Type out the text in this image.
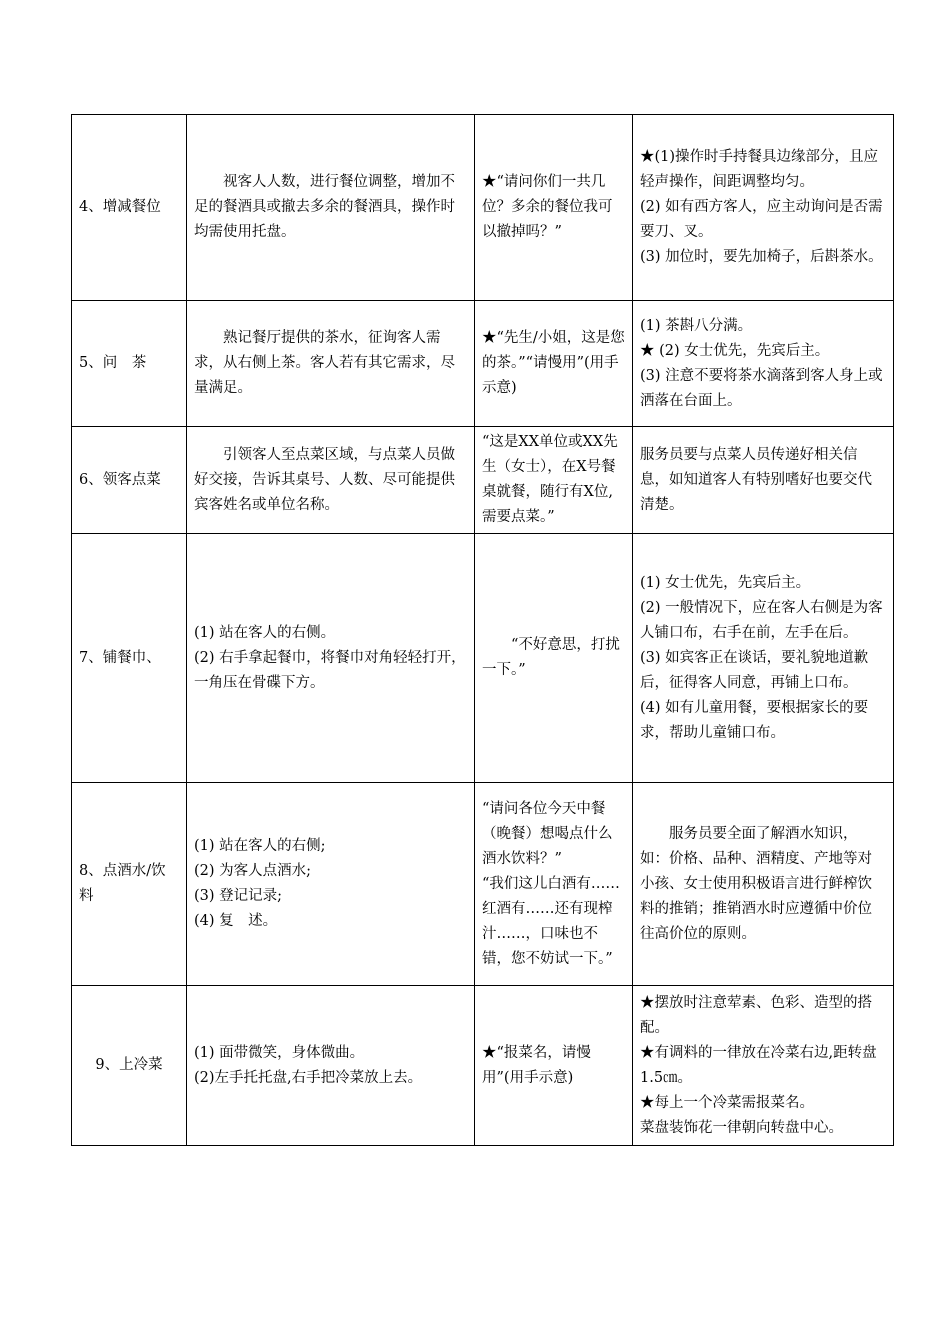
4、增减餐位	视客人人数，进行餐位调整，增加不足的餐酒具或撤去多余的餐酒具，操作时均需使用托盘。	★“请问你们一共几位？多余的餐位我可以撤掉吗？”	★(1)操作时手持餐具边缘部分，且应轻声操作，间距调整均匀。
(2) 如有西方客人，应主动询问是否需要刀、叉。
(3) 加位时，要先加椅子，后斟茶水。

5、问　茶	熟记餐厅提供的茶水，征询客人需求，从右侧上茶。客人若有其它需求，尽量满足。	★“先生/小姐，这是您的茶。”“请慢用”(用手示意)	(1) 茶斟八分满。
★ (2) 女士优先，先宾后主。
(3) 注意不要将茶水滴落到客人身上或洒落在台面上。

6、领客点菜	引领客人至点菜区域，与点菜人员做好交接，告诉其桌号、人数、尽可能提供宾客姓名或单位名称。	“这是XX单位或XX先生（女士），在X号餐桌就餐，随行有X位,需要点菜。”	服务员要与点菜人员传递好相关信息，如知道客人有特别嗜好也要交代清楚。

7、铺餐巾、	(1) 站在客人的右侧。
(2) 右手拿起餐巾，将餐巾对角轻轻打开，一角压在骨碟下方。	“不好意思，打扰一下。”	(1) 女士优先，先宾后主。
(2) 一般情况下，应在客人右侧是为客人铺口布，右手在前，左手在后。
(3) 如宾客正在谈话，要礼貌地道歉后，征得客人同意，再铺上口布。
(4) 如有儿童用餐，要根据家长的要求，帮助儿童铺口布。

8、点酒水/饮料	(1) 站在客人的右侧;
(2) 为客人点酒水;
(3) 登记记录;
(4) 复　述。	“请问各位今天中餐（晚餐）想喝点什么酒水饮料？”
“我们这儿白酒有……红酒有……还有现榨汁……，口味也不错，您不妨试一下。”	服务员要全面了解酒水知识，如：价格、品种、酒精度、产地等对小孩、女士使用积极语言进行鲜榨饮料的推销；推销酒水时应遵循中价位往高价位的原则。

9、上冷菜	(1) 面带微笑，身体微曲。
(2)左手托托盘,右手把冷菜放上去。	★“报菜名，请慢用”(用手示意)	★摆放时注意荤素、色彩、造型的搭配。
★有调料的一律放在冷菜右边,距转盘 1.5㎝。
★每上一个冷菜需报菜名。
菜盘装饰花一律朝向转盘中心。
